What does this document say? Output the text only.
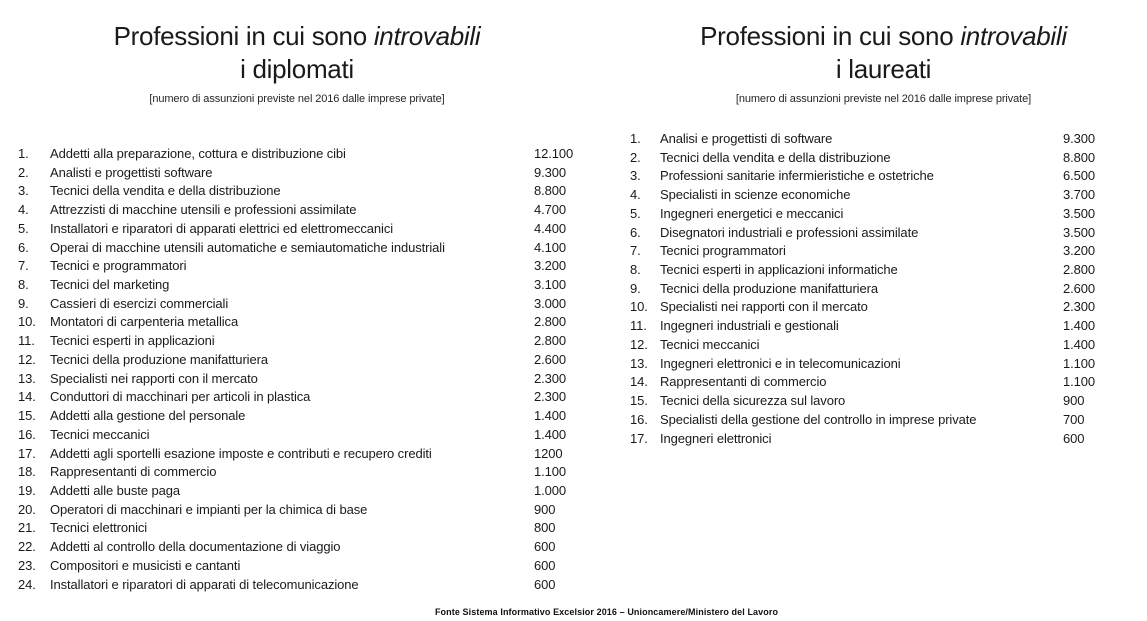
Professioni in cui sono introvabili
i diplomati
[numero di assunzioni previste nel 2016 dalle imprese private]
Professioni in cui sono introvabili
i laureati
[numero di assunzioni previste nel 2016 dalle imprese private]
1.	Addetti alla preparazione, cottura e distribuzione cibi	12.100
2.	Analisti e progettisti software	9.300
3.	Tecnici della vendita e della distribuzione	8.800
4.	Attrezzisti di macchine utensili e professioni assimilate	4.700
5.	Installatori e riparatori di apparati elettrici ed elettromeccanici	4.400
6.	Operai di macchine utensili automatiche e semiautomatiche industriali	4.100
7.	Tecnici e programmatori	3.200
8.	Tecnici del marketing	3.100
9.	Cassieri di esercizi commerciali	3.000
10.	Montatori di carpenteria metallica	2.800
11.	Tecnici esperti in applicazioni	2.800
12.	Tecnici della produzione manifatturiera	2.600
13.	Specialisti nei rapporti con il mercato	2.300
14.	Conduttori di macchinari per articoli in plastica	2.300
15.	Addetti alla gestione del personale	1.400
16.	Tecnici meccanici	1.400
17.	Addetti agli sportelli esazione imposte e contributi e recupero crediti	1200
18.	Rappresentanti di commercio	1.100
19.	Addetti alle buste paga	1.000
20.	Operatori di macchinari e impianti per la chimica di base	900
21.	Tecnici elettronici	800
22.	Addetti al controllo della documentazione di viaggio	600
23.	Compositori e musicisti e cantanti	600
24.	Installatori e riparatori di apparati di telecomunicazione	600
1.	Analisi e progettisti di software	9.300
2.	Tecnici della vendita e della distribuzione	8.800
3.	Professioni sanitarie infermieristiche e ostetriche	6.500
4.	Specialisti in scienze economiche	3.700
5.	Ingegneri energetici e meccanici	3.500
6.	Disegnatori industriali e professioni assimilate	3.500
7.	Tecnici programmatori	3.200
8.	Tecnici esperti in applicazioni informatiche	2.800
9.	Tecnici della produzione manifatturiera	2.600
10. Specialisti nei rapporti con il mercato	2.300
11.	Ingegneri industriali e gestionali	1.400
12. Tecnici meccanici	1.400
13. Ingegneri elettronici e in telecomunicazioni	1.100
14. Rappresentanti di commercio	1.100
15. Tecnici della sicurezza sul lavoro	900
16. Specialisti della gestione del controllo in imprese private	700
17. Ingegneri elettronici	600
Fonte Sistema Informativo Excelsior 2016 – Unioncamere/Ministero del Lavoro
